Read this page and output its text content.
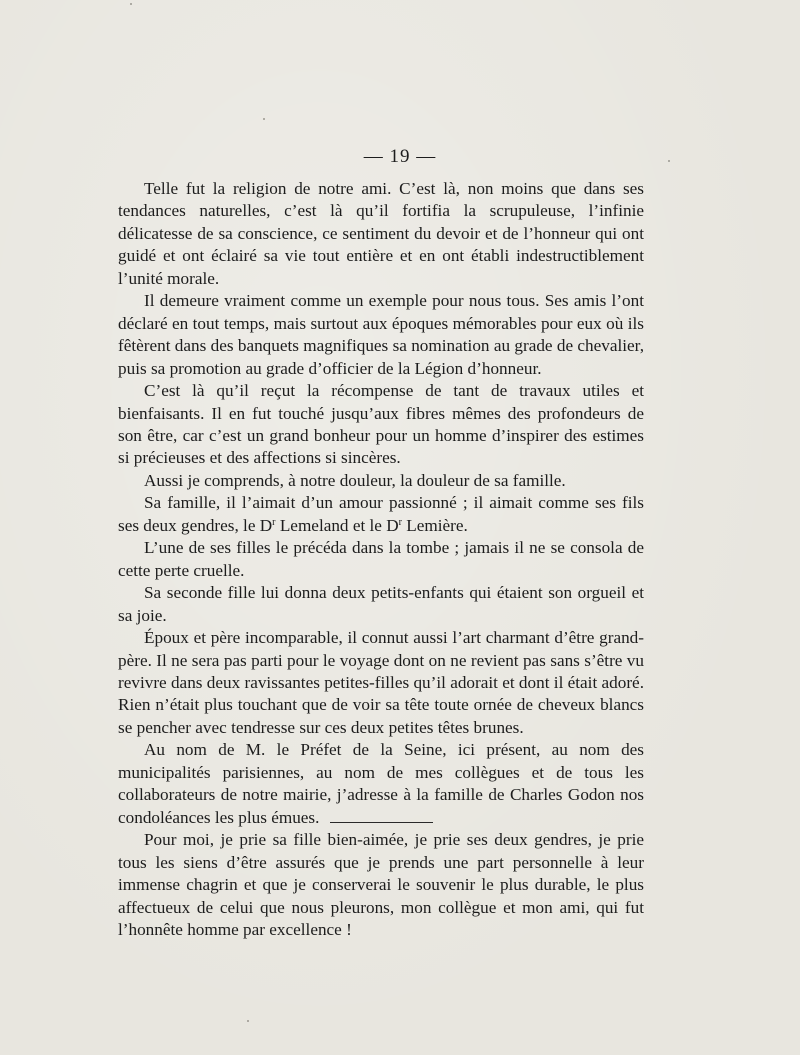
— 19 —

Telle fut la religion de notre ami. C’est là, non moins que dans ses tendances naturelles, c’est là qu’il fortifia la scrupuleuse, l’infinie délicatesse de sa conscience, ce sentiment du devoir et de l’honneur qui ont guidé et ont éclairé sa vie tout entière et en ont établi indestructiblement l’unité morale.

Il demeure vraiment comme un exemple pour nous tous. Ses amis l’ont déclaré en tout temps, mais surtout aux époques mémorables pour eux où ils fêtèrent dans des banquets magnifiques sa nomination au grade de chevalier, puis sa promotion au grade d’officier de la Légion d’honneur.

C’est là qu’il reçut la récompense de tant de travaux utiles et bienfaisants. Il en fut touché jusqu’aux fibres mêmes des profondeurs de son être, car c’est un grand bonheur pour un homme d’inspirer des estimes si précieuses et des affections si sincères.

Aussi je comprends, à notre douleur, la douleur de sa famille.

Sa famille, il l’aimait d’un amour passionné ; il aimait comme ses fils ses deux gendres, le $D^r$ Lemeland et le $D^r$ Lemière.

L’une de ses filles le précéda dans la tombe ; jamais il ne se consola de cette perte cruelle.

Sa seconde fille lui donna deux petits-enfants qui étaient son orgueil et sa joie.

Époux et père incomparable, il connut aussi l’art charmant d’être grand-père. Il ne sera pas parti pour le voyage dont on ne revient pas sans s’être vu revivre dans deux ravissantes petites-filles qu’il adorait et dont il était adoré. Rien n’était plus touchant que de voir sa tête toute ornée de cheveux blancs se pencher avec tendresse sur ces deux petites têtes brunes.

Au nom de M. le Préfet de la Seine, ici présent, au nom des municipalités parisiennes, au nom de mes collègues et de tous les collaborateurs de notre mairie, j’adresse à la famille de Charles Godon nos condoléances les plus émues.

Pour moi, je prie sa fille bien-aimée, je prie ses deux gendres, je prie tous les siens d’être assurés que je prends une part personnelle à leur immense chagrin et que je conserverai le souvenir le plus durable, le plus affectueux de celui que nous pleurons, mon collègue et mon ami, qui fut l’honnête homme par excellence !
